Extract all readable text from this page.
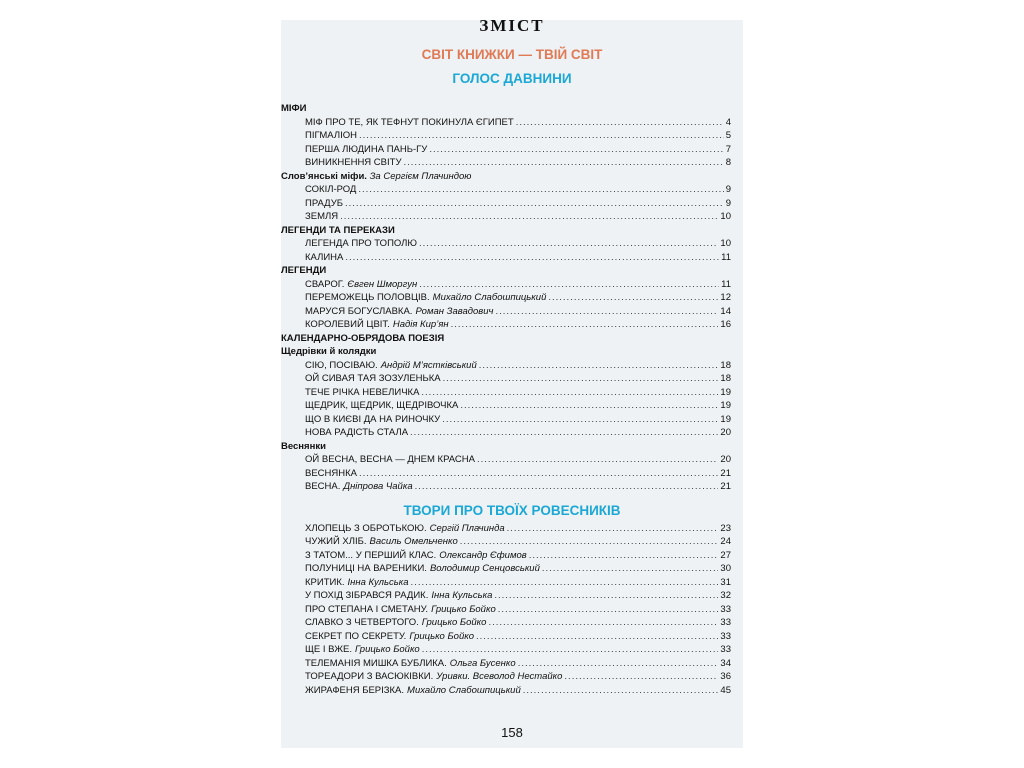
ЗМІСТ
СВІТ КНИЖКИ — ТВІЙ СВІТ
ГОЛОС ДАВНИНИ
МІФИ
МІФ ПРО ТЕ, ЯК ТЕФНУТ ПОКИНУЛА ЄГИПЕТ .....	4
ПІГМАЛІОН .....	5
ПЕРША ЛЮДИНА ПАНЬ-ГУ .....	7
ВИНИКНЕННЯ СВІТУ .....	8
Слов’янські міфи. За Сергієм Плачиндою
СОКІЛ-РОД .....	9
ПРАДУБ .....	9
ЗЕМЛЯ .....	10
ЛЕГЕНДИ ТА ПЕРЕКАЗИ
ЛЕГЕНДА ПРО ТОПОЛЮ .....	10
КАЛИНА .....	11
ЛЕГЕНДИ
СВАРОГ. Євген Шморгун .....	11
ПЕРЕМОЖЕЦЬ ПОЛОВЦІВ. Михайло Слабошпицький .....	12
МАРУСЯ БОГУСЛАВКА. Роман Завадович .....	14
КОРОЛЕВИЙ ЦВІТ. Надія Кир’ян .....	16
КАЛЕНДАРНО-ОБРЯДОВА ПОЕЗІЯ
Щедрівки й колядки
СІЮ, ПОСІВАЮ. Андрій М’ястківський .....	18
ОЙ СИВАЯ ТАЯ ЗОЗУЛЕНЬКА .....	18
ТЕЧЕ РІЧКА НЕВЕЛИЧКА .....	19
ЩЕДРИК, ЩЕДРИК, ЩЕДРІВОЧКА .....	19
ЩО В КИЄВІ ДА НА РИНОЧКУ .....	19
НОВА РАДІСТЬ СТАЛА .....	20
Веснянки
ОЙ ВЕСНА, ВЕСНА — ДНЕМ КРАСНА .....	20
ВЕСНЯНКА .....	21
ВЕСНА. Дніпрова Чайка .....	21
ТВОРИ ПРО ТВОЇХ РОВЕСНИКІВ
ХЛОПЕЦЬ З ОБРОТЬКОЮ. Сергій Плачинда .....	23
ЧУЖИЙ ХЛІБ. Василь Омельченко .....	24
З ТАТОМ... У ПЕРШИЙ КЛАС. Олександр Єфимов .....	27
ПОЛУНИЦІ НА ВАРЕНИКИ. Володимир Сенцовський .....	30
КРИТИК. Інна Кульська .....	31
У ПОХІД ЗІБРАВСЯ РАДИК. Інна Кульська .....	32
ПРО СТЕПАНА І СМЕТАНУ. Грицько Бойко .....	33
СЛАВКО З ЧЕТВЕРТОГО. Грицько Бойко .....	33
СЕКРЕТ ПО СЕКРЕТУ. Грицько Бойко .....	33
ЩЕ І ВЖЕ. Грицько Бойко .....	33
ТЕЛЕМАНІЯ МИШКА БУБЛИКА. Ольга Бусенко .....	34
ТОРЕАДОРИ З ВАСЮКІВКИ. Уривки. Всеволод Нестайко .....	36
ЖИРАФЕНЯ БЕРІЗКА. Михайло Слабошпицький .....	45
158
